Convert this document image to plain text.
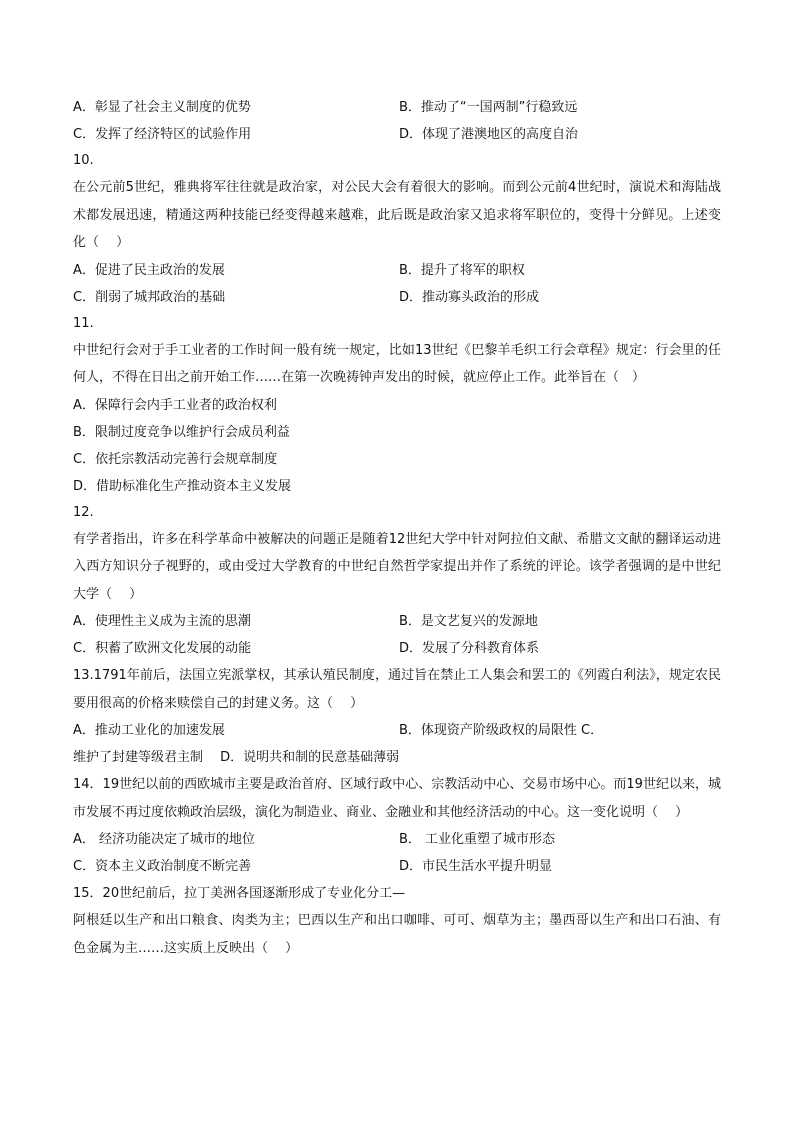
A．彰显了社会主义制度的优势	B．推动了“一国两制”行稳致远
C．发挥了经济特区的试验作用	D．体现了港澳地区的高度自治
10.
在公元前5世纪，雅典将军往往就是政治家，对公民大会有着很大的影响。而到公元前4世纪时，演说术和海陆战术都发展迅速，精通这两种技能已经变得越来越难，此后既是政治家又追求将军职位的，变得十分鲜见。上述变化（　 ）
A．促进了民主政治的发展	B．提升了将军的职权
C．削弱了城邦政治的基础	D．推动寡头政治的形成
11.
中世纪行会对于手工业者的工作时间一般有统一规定，比如13世纪《巴黎羊毛织工行会章程》规定：行会里的任何人，不得在日出之前开始工作……在第一次晚祷钟声发出的时候，就应停止工作。此举旨在（　）
A．保障行会内手工业者的政治权利
B．限制过度竞争以维护行会成员利益
C．依托宗教活动完善行会规章制度
D．借助标准化生产推动资本主义发展
12.
有学者指出，许多在科学革命中被解决的问题正是随着12世纪大学中针对阿拉伯文献、希腊文文献的翻译运动进入西方知识分子视野的，或由受过大学教育的中世纪自然哲学家提出并作了系统的评论。该学者强调的是中世纪大学（　 ）
A．使理性主义成为主流的思潮	B．是文艺复兴的发源地
C．积蓄了欧洲文化发展的动能	D．发展了分科教育体系
13.1791年前后，法国立宪派掌权，其承认殖民制度，通过旨在禁止工人集会和罢工的《列霞白利法》，规定农民要用很高的价格来赎偿自己的封建义务。这（　 ）
A．推动工业化的加速发展	B．体现资产阶级政权的局限性 C．
维护了封建等级君主制　 D．说明共和制的民意基础薄弱
14．19世纪以前的西欧城市主要是政治首府、区域行政中心、宗教活动中心、交易市场中心。而19世纪以来，城市发展不再过度依赖政治层级，演化为制造业、商业、金融业和其他经济活动的中心。这一变化说明（　 ）
A． 经济功能决定了城市的地位	B． 工业化重塑了城市形态
C．资本主义政治制度不断完善	D．市民生活水平提升明显
15．20世纪前后，拉丁美洲各国逐渐形成了专业化分工—
阿根廷以生产和出口粮食、肉类为主；巴西以生产和出口咖啡、可可、烟草为主；墨西哥以生产和出口石油、有色金属为主……这实质上反映出（　 ）
